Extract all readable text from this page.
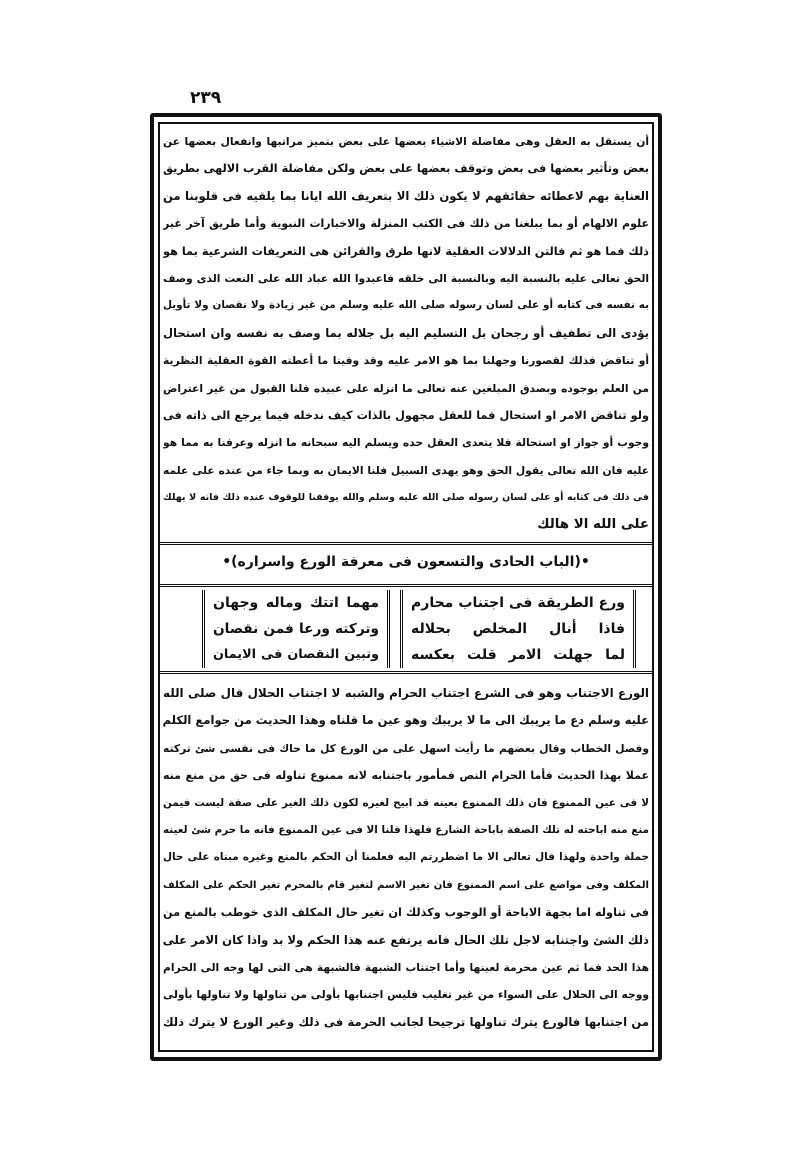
٢٣٩
أن يستقل به العقل وهى مفاضلة الاشياء بعضها على بعض بتميز مراتبها وانفعال بعضها عن
بعض وتأثير بعضها فى بعض وتوقف بعضها على بعض ولكن مفاضلة القرب الالهى بطريق
العناية بهم لاعطائه حقائقهم لا يكون ذلك الا بتعريف الله ايانا بما يلقيه فى قلوبنا من
علوم الالهام أو بما يبلغنا من ذلك فى الكتب المنزلة والاخبارات النبوية وأما طريق آخر غير
ذلك فما هو ثم فالتن الدلالات العقلية لانها طرق والقرائن هى التعريفات الشرعية بما هو
الحق تعالى عليه بالنسبة اليه وبالنسبة الى خلقه فاعبدوا الله عباد الله على النعت الذى وصف
به نفسه فى كتابه أو على لسان رسوله صلى الله عليه وسلم من غير زيادة ولا نقصان ولا تأويل
يؤدى الى تطفيف أو رجحان بل التسليم اليه بل جلاله بما وصف به نفسه وان استحال
أو تناقض فذلك لقصورنا وجهلنا بما هو الامر عليه وقد وفينا ما أعطته القوة العقلية النظرية
من العلم بوجوده وبصدق المبلغين عنه تعالى ما انزله على عبيده فلنا القبول من غير اعتراض
ولو تناقض الامر او استحال فما للعقل مجهول بالذات كيف ندخله فيما يرجع الى ذاته فى
وجوب أو جواز او استحالة فلا يتعدى العقل حده ويسلم اليه سبحانه ما انزله وعرفنا به مما هو
عليه فان الله تعالى يقول الحق وهو يهدى السبيل فلنا الايمان به وبما جاء من عنده على علمه
فى ذلك فى كتابه أو على لسان رسوله صلى الله عليه وسلم والله يوفقنا للوقوف عنده ذلك فانه لا يهلك
على الله الا هالك
•(الباب الحادى والتسعون فى معرفة الورع واسراره)•
ورع الطريقة فى اجتناب محارم
فاذا أنال المخلص بحلاله
لما جهلت الامر قلت بعكسه
مهما اتتك وماله وجهان
وتركته ورعا فمن نقصان
وتبين النقصان فى الايمان
الورع الاجتناب وهو فى الشرع اجتناب الحرام والشبه لا اجتناب الحلال قال صلى الله
عليه وسلم دع ما يريبك الى ما لا يريبك وهو عين ما قلناه وهذا الحديث من جوامع الكلم
وفصل الخطاب وقال بعضهم ما رأيت اسهل على من الورع كل ما حاك فى نفسى شئ تركته
عملا بهذا الحديث فأما الحرام النص فمأمور باجتنابه لانه ممنوع تناوله فى حق من منع منه
لا فى عين الممنوع فان ذلك الممنوع بعينه قد ابيح لغيره لكون ذلك الغير على صفة ليست فيمن
منع منه اباحته له تلك الصفة باباحة الشارع فلهذا قلنا الا فى عين الممنوع فانه ما حرم شئ لعينه
جملة واحدة ولهذا قال تعالى الا ما اضطررتم اليه فعلمنا أن الحكم بالمنع وغيره مبناه على حال
المكلف وفى مواضع على اسم الممنوع فان تغير الاسم لتغير قام بالمحرم تغير الحكم على المكلف
فى تناوله اما بجهة الاباحة أو الوجوب وكذلك ان تغير حال المكلف الذى خوطب بالمنع من
ذلك الشئ واجتنابه لاجل تلك الحال فانه يرتفع عنه هذا الحكم ولا بد واذا كان الامر على
هذا الحد فما ثم عين محرمة لعينها وأما اجتناب الشبهة فالشبهة هى التى لها وجه الى الحرام
ووجه الى الحلال على السواء من غير تغليب فليس اجتنابها بأولى من تناولها ولا تناولها بأولى
من اجتنابها فالورع يترك تناولها ترجيحا لجانب الحرمة فى ذلك وغير الورع لا يترك ذلك
